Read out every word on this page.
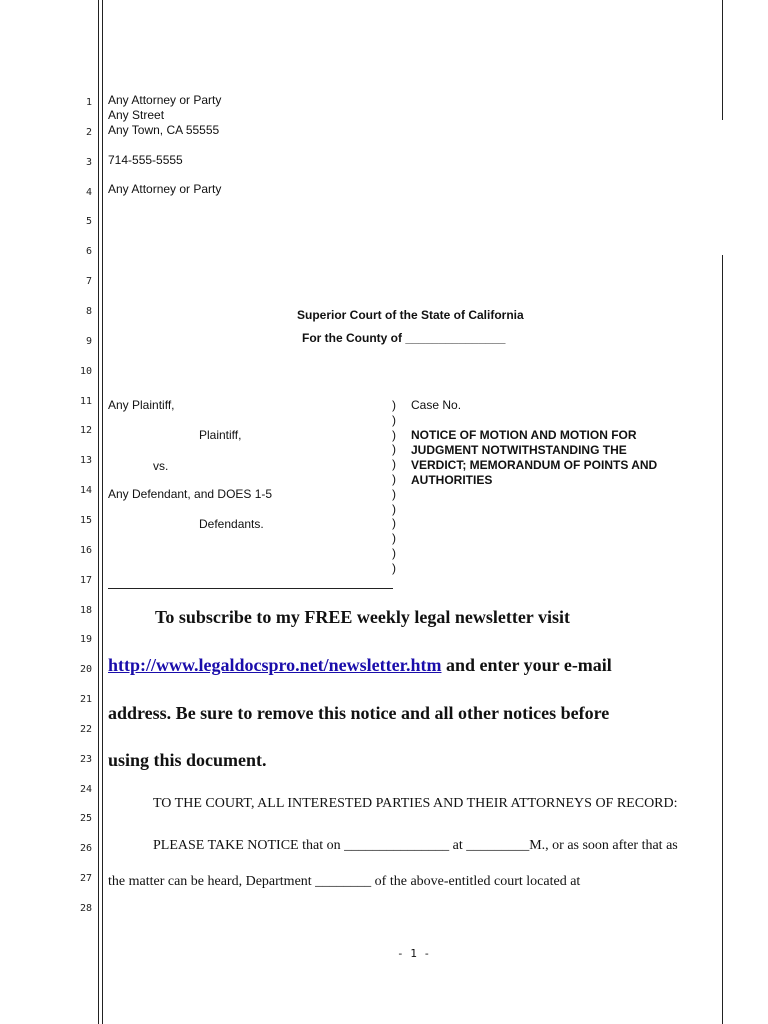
1
2
3
4
5
6
7
8
9
10
11
12
13
14
15
16
17
18
19
20
21
22
23
24
25
26
27
28
Any Attorney or Party
Any Street
Any Town, CA 55555
714-555-5555
Any Attorney or Party
Superior Court of the State of California
For the County of _______________
Any Plaintiff,
Plaintiff,
vs.
Any Defendant, and DOES 1-5
Defendants.
)
)
)
)
)
)
)
)
)
)
)
)
Case No.
NOTICE OF MOTION AND MOTION FOR
JUDGMENT NOTWITHSTANDING THE
VERDICT; MEMORANDUM OF POINTS AND
AUTHORITIES
To subscribe to my FREE weekly legal newsletter visit
http://www.legaldocspro.net/newsletter.htm and enter your e-mail
address. Be sure to remove this notice and all other notices before
using this document.
TO THE COURT, ALL INTERESTED PARTIES AND THEIR ATTORNEYS OF RECORD:
PLEASE TAKE NOTICE that on _______________ at _________M., or as soon after that as
the matter can be heard, Department ________ of the above-entitled court located at
- 1 -
